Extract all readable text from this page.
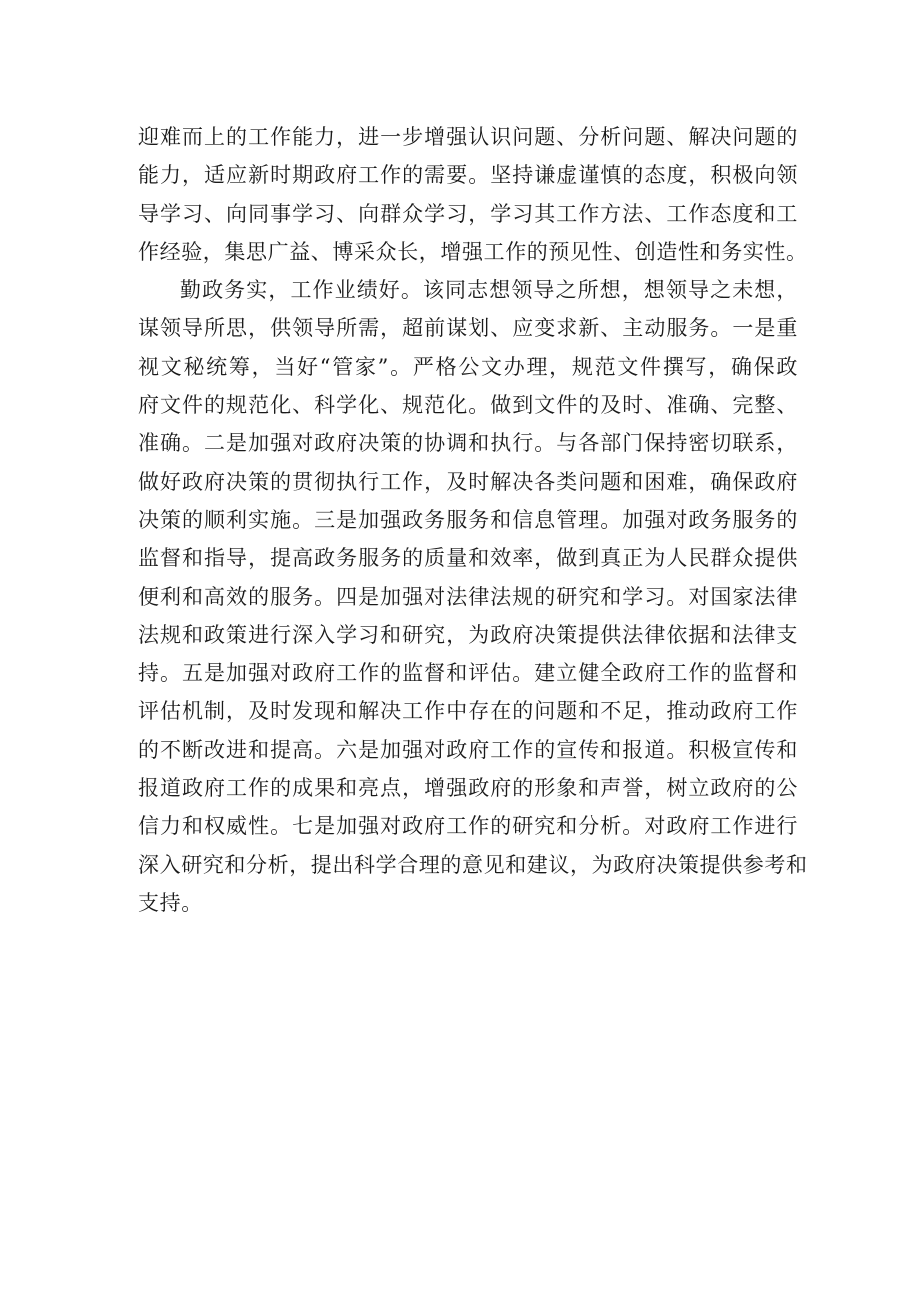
迎难而上的工作能力，进一步增强认识问题、分析问题、解决问题的
能力，适应新时期政府工作的需要。坚持谦虚谨慎的态度，积极向领
导学习、向同事学习、向群众学习，学习其工作方法、工作态度和工
作经验，集思广益、博采众长，增强工作的预见性、创造性和务实性。
勤政务实，工作业绩好。该同志想领导之所想，想领导之未想，
谋领导所思，供领导所需，超前谋划、应变求新、主动服务。一是重
视文秘统筹，当好“管家”。严格公文办理，规范文件撰写，确保政
府文件的规范化、科学化、规范化。做到文件的及时、准确、完整、
准确。二是加强对政府决策的协调和执行。与各部门保持密切联系，
做好政府决策的贯彻执行工作，及时解决各类问题和困难，确保政府
决策的顺利实施。三是加强政务服务和信息管理。加强对政务服务的
监督和指导，提高政务服务的质量和效率，做到真正为人民群众提供
便利和高效的服务。四是加强对法律法规的研究和学习。对国家法律
法规和政策进行深入学习和研究，为政府决策提供法律依据和法律支
持。五是加强对政府工作的监督和评估。建立健全政府工作的监督和
评估机制，及时发现和解决工作中存在的问题和不足，推动政府工作
的不断改进和提高。六是加强对政府工作的宣传和报道。积极宣传和
报道政府工作的成果和亮点，增强政府的形象和声誉，树立政府的公
信力和权威性。七是加强对政府工作的研究和分析。对政府工作进行
深入研究和分析，提出科学合理的意见和建议，为政府决策提供参考和
支持。
